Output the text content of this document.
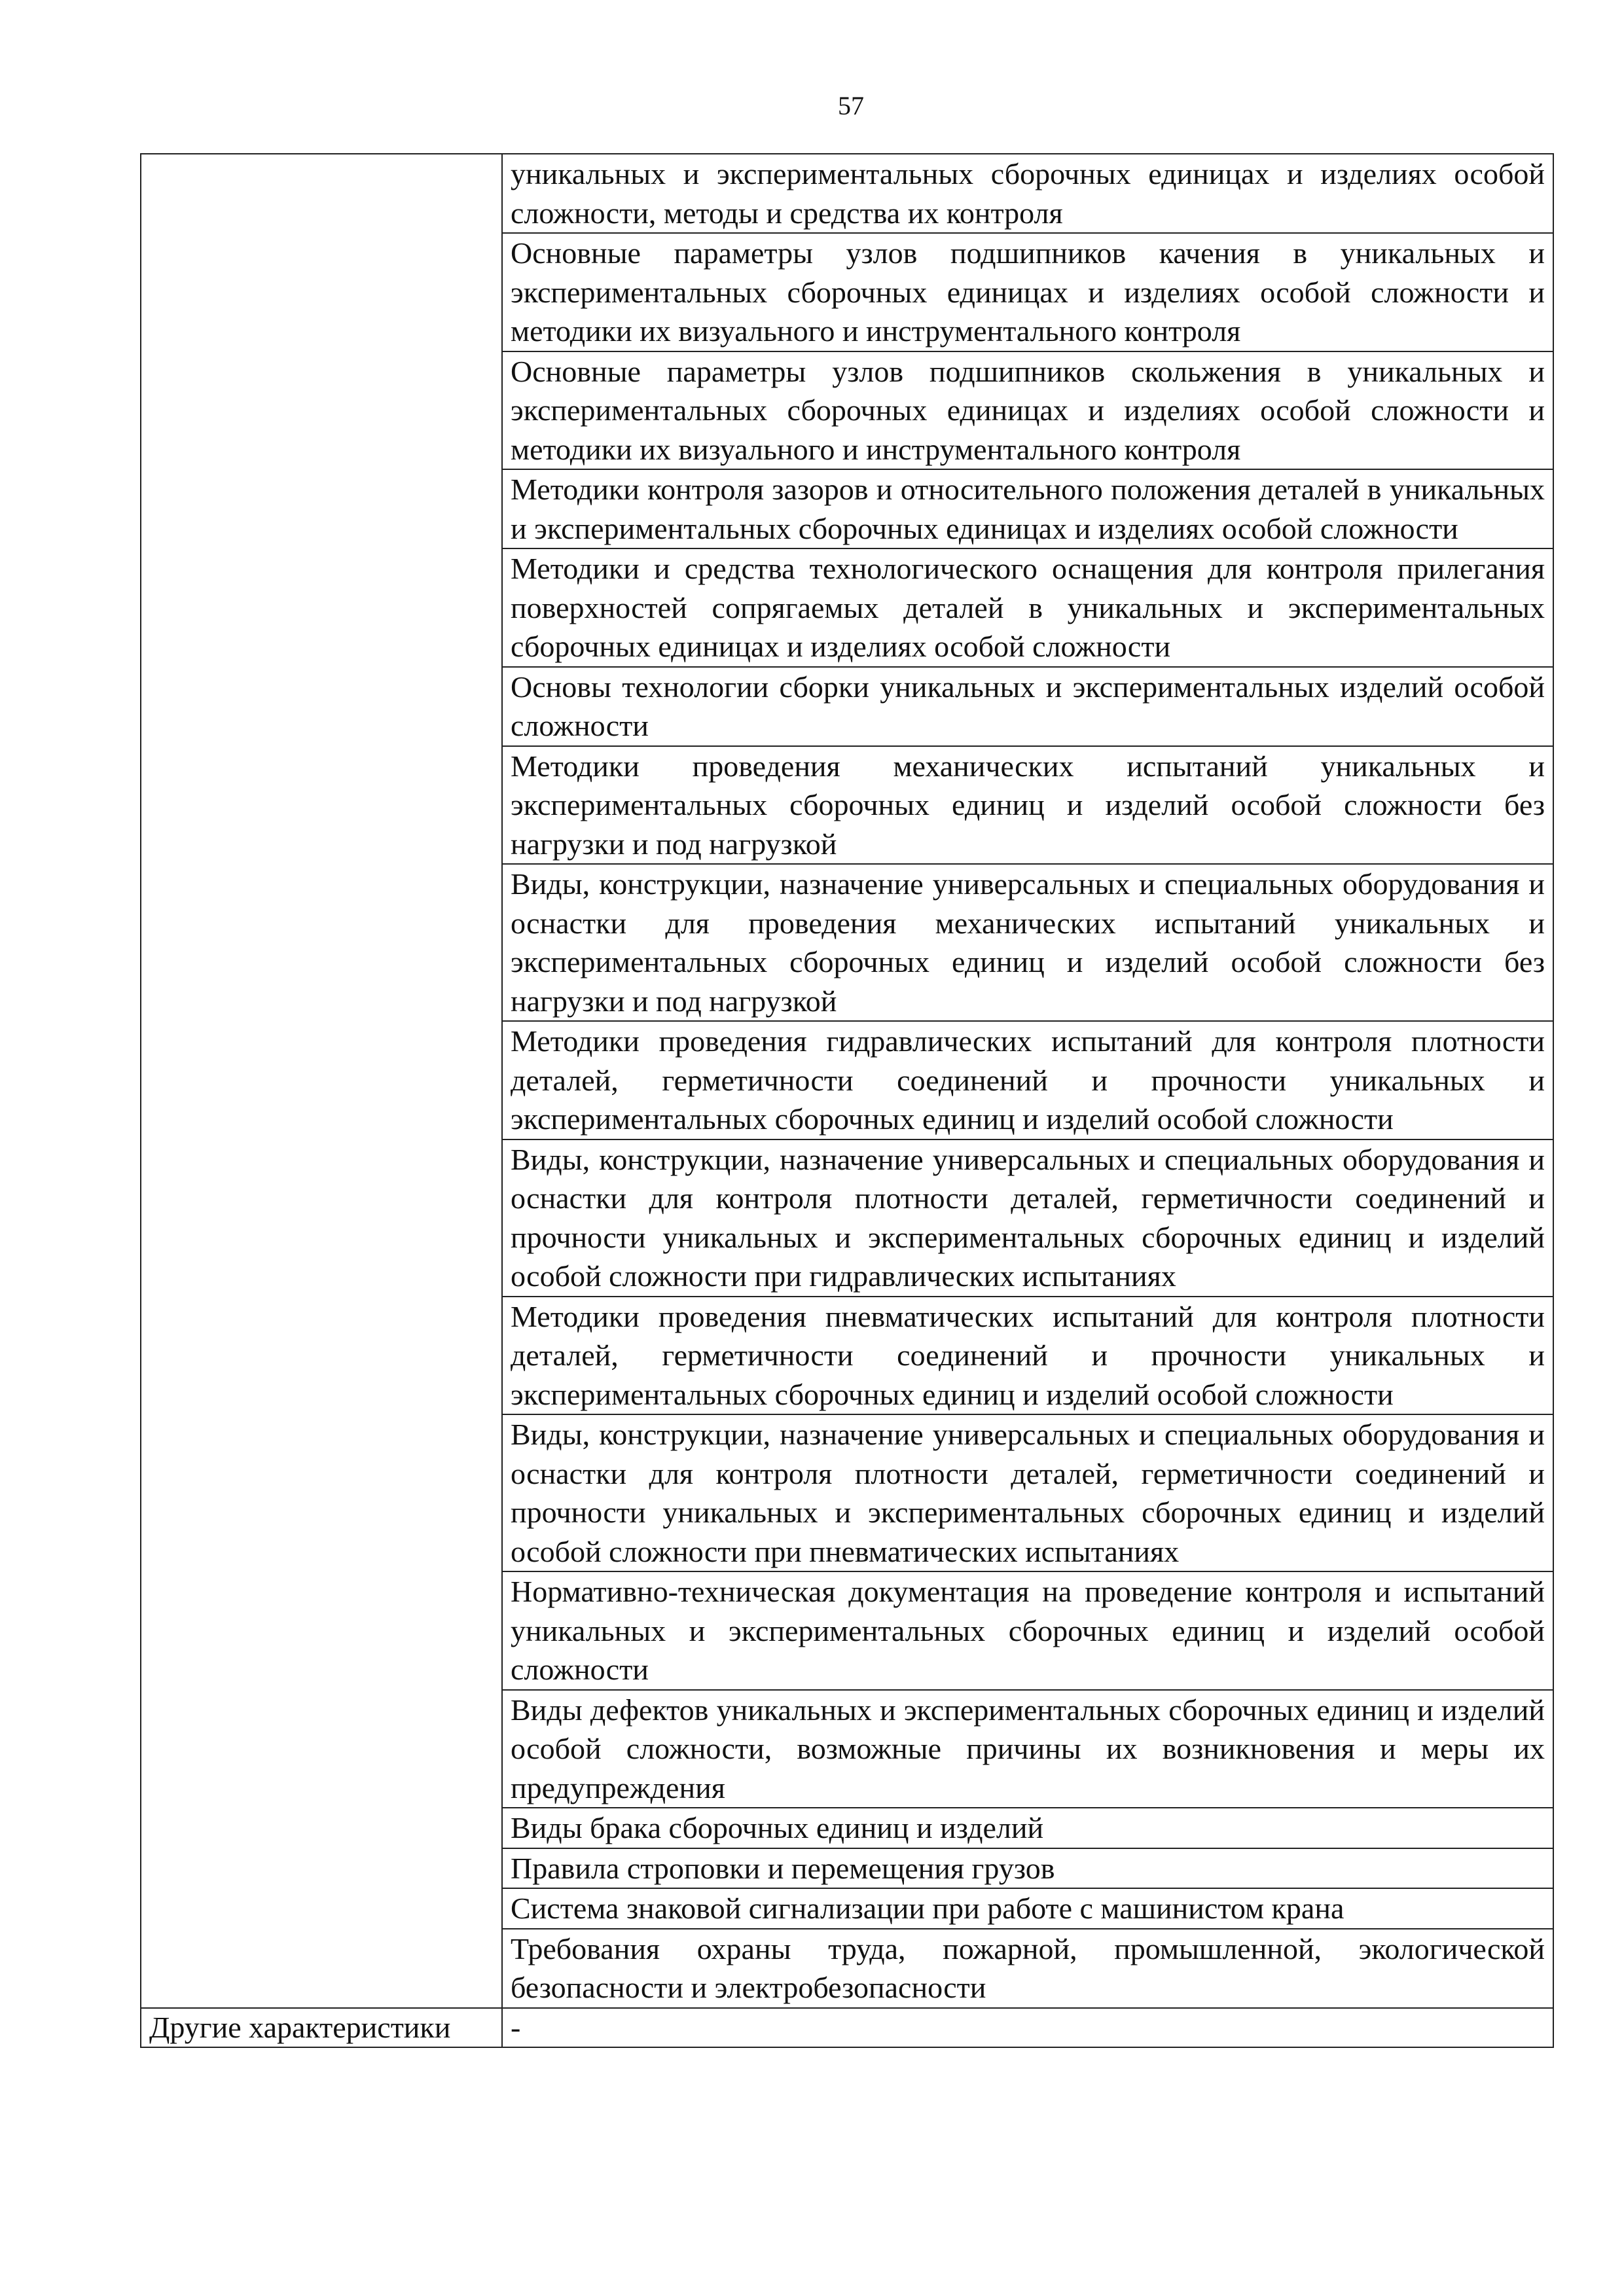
57
	уникальных и экспериментальных сборочных единицах и изделиях особой сложности, методы и средства их контроля
	Основные параметры узлов подшипников качения в уникальных и экспериментальных сборочных единицах и изделиях особой сложности и методики их визуального и инструментального контроля
	Основные параметры узлов подшипников скольжения в уникальных и экспериментальных сборочных единицах и изделиях особой сложности и методики их визуального и инструментального контроля
	Методики контроля зазоров и относительного положения деталей в уникальных и экспериментальных сборочных единицах и изделиях особой сложности
	Методики и средства технологического оснащения для контроля прилегания поверхностей сопрягаемых деталей в уникальных и экспериментальных сборочных единицах и изделиях особой сложности
	Основы технологии сборки уникальных и экспериментальных изделий особой сложности
	Методики проведения механических испытаний уникальных и экспериментальных сборочных единиц и изделий особой сложности без нагрузки и под нагрузкой
	Виды, конструкции, назначение универсальных и специальных оборудования и оснастки для проведения механических испытаний уникальных и экспериментальных сборочных единиц и изделий особой сложности без нагрузки и под нагрузкой
	Методики проведения гидравлических испытаний для контроля плотности деталей, герметичности соединений и прочности уникальных и экспериментальных сборочных единиц и изделий особой сложности
	Виды, конструкции, назначение универсальных и специальных оборудования и оснастки для контроля плотности деталей, герметичности соединений и прочности уникальных и экспериментальных сборочных единиц и изделий особой сложности при гидравлических испытаниях
	Методики проведения пневматических испытаний для контроля плотности деталей, герметичности соединений и прочности уникальных и экспериментальных сборочных единиц и изделий особой сложности
	Виды, конструкции, назначение универсальных и специальных оборудования и оснастки для контроля плотности деталей, герметичности соединений и прочности уникальных и экспериментальных сборочных единиц и изделий особой сложности при пневматических испытаниях
	Нормативно-техническая документация на проведение контроля и испытаний уникальных и экспериментальных сборочных единиц и изделий особой сложности
	Виды дефектов уникальных и экспериментальных сборочных единиц и изделий особой сложности, возможные причины их возникновения и меры их предупреждения
	Виды брака сборочных единиц и изделий
	Правила строповки и перемещения грузов
	Система знаковой сигнализации при работе с машинистом крана
	Требования охраны труда, пожарной, промышленной, экологической безопасности и электробезопасности
Другие характеристики	-
